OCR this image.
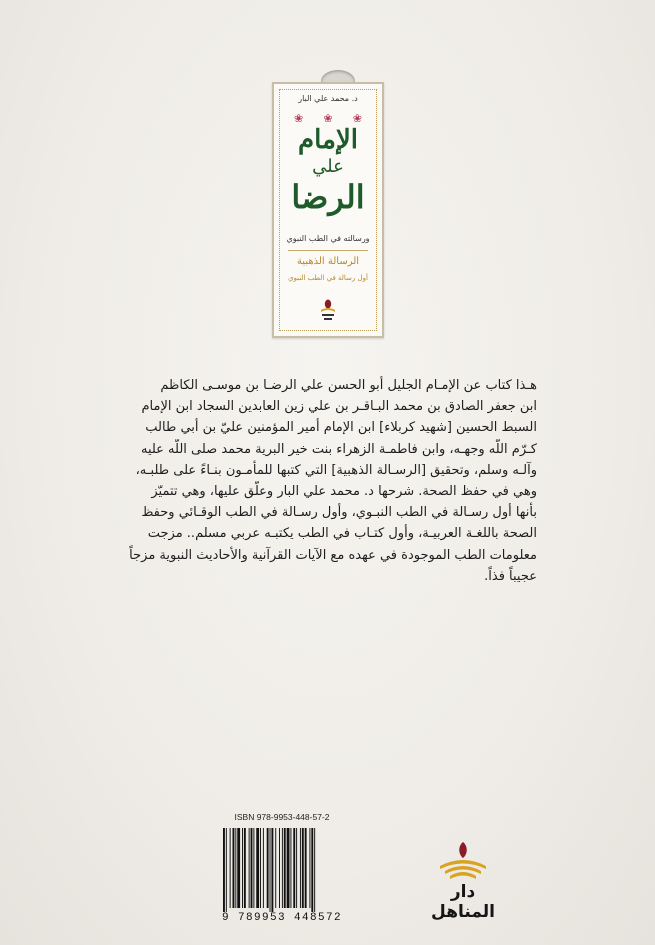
د. محمد علي البار
❀ ❀ ❀
الإمام
علي
الرضا
ورسالته في الطب النبوي
الرسالة الذهبية
أول رسالة في الطب النبوي
هـذا كتاب عن الإمـام الجليل أبو الحسن علي الرضـا بن موسـى الكاظم
ابن جعفر الصادق بن محمد البـاقـر بن علي زين العابدين السجاد ابن الإمام
السبط الحسين [شهيد كربلاء] ابن الإمام أمير المؤمنين عليّ بن أبي طالب
كـرّم اللّه وجهـه، وابن فاطمـة الزهراء بنت خير البرية محمد صلى اللّه عليه
وآلـه وسلم، وتحقيق [الرسـالة الذهبية] التي كتبها للمأمـون بنـاءً على طلبـه،
وهي في حفظ الصحة. شرحها د. محمد علي البار وعلّق عليها، وهي تتميّز
بأنها أول رسـالة في الطب النبـوي، وأول رسـالة في الطب الوقـائي وحفظ
الصحة باللغـة العربيـة، وأول كتـاب في الطب يكتبـه عربي مسلم.. مزجت
معلومات الطب الموجودة في عهده مع الآيات القرآنية والأحاديث النبوية مزجاً
عجيباً فذاً.
ISBN 978-9953-448-57-2
9 789953 448572
دار المناهل
